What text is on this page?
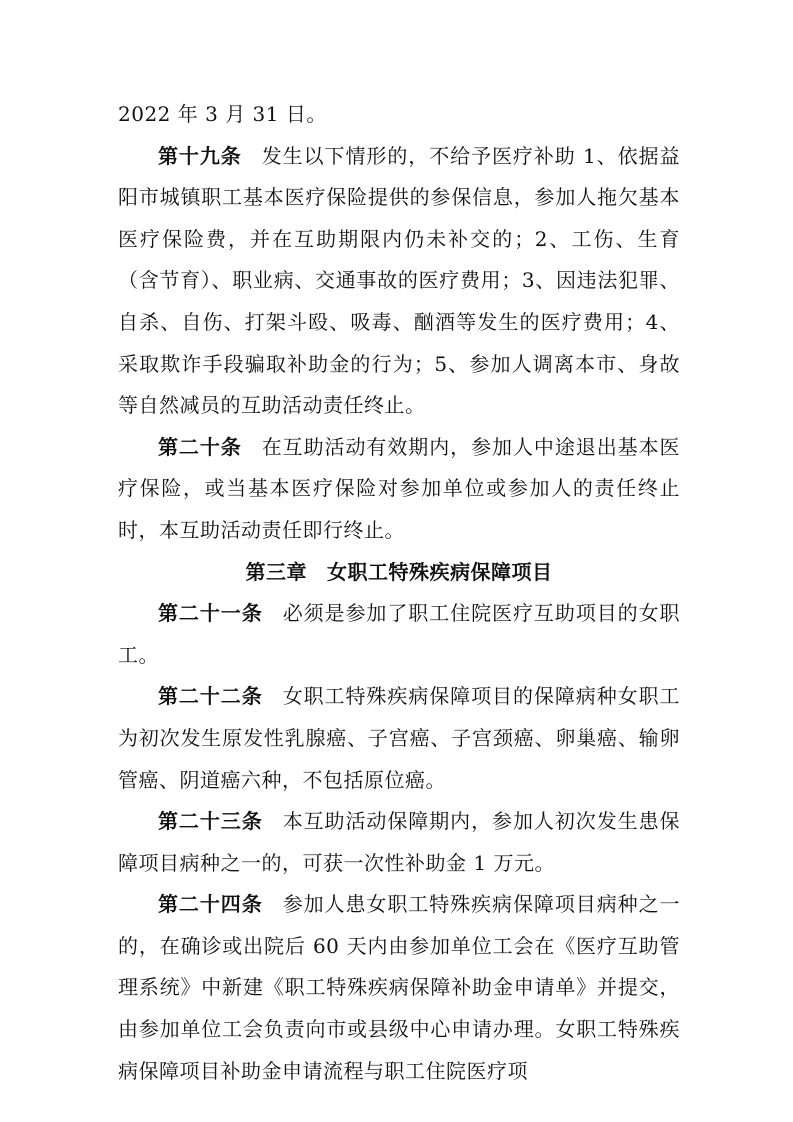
2022 年 3 月 31 日。

第十九条 发生以下情形的，不给予医疗补助 1、依据益阳市城镇职工基本医疗保险提供的参保信息，参加人拖欠基本医疗保险费，并在互助期限内仍未补交的；2、工伤、生育（含节育）、职业病、交通事故的医疗费用；3、因违法犯罪、自杀、自伤、打架斗殴、吸毒、酗酒等发生的医疗费用；4、采取欺诈手段骗取补助金的行为；5、参加人调离本市、身故等自然减员的互助活动责任终止。

第二十条 在互助活动有效期内，参加人中途退出基本医疗保险，或当基本医疗保险对参加单位或参加人的责任终止时，本互助活动责任即行终止。

第三章 女职工特殊疾病保障项目

第二十一条 必须是参加了职工住院医疗互助项目的女职工。

第二十二条 女职工特殊疾病保障项目的保障病种女职工为初次发生原发性乳腺癌、子宫癌、子宫颈癌、卵巢癌、输卵管癌、阴道癌六种，不包括原位癌。

第二十三条 本互助活动保障期内，参加人初次发生患保障项目病种之一的，可获一次性补助金 1 万元。

第二十四条 参加人患女职工特殊疾病保障项目病种之一的，在确诊或出院后 60 天内由参加单位工会在《医疗互助管理系统》中新建《职工特殊疾病保障补助金申请单》并提交，由参加单位工会负责向市或县级中心申请办理。女职工特殊疾病保障项目补助金申请流程与职工住院医疗项
